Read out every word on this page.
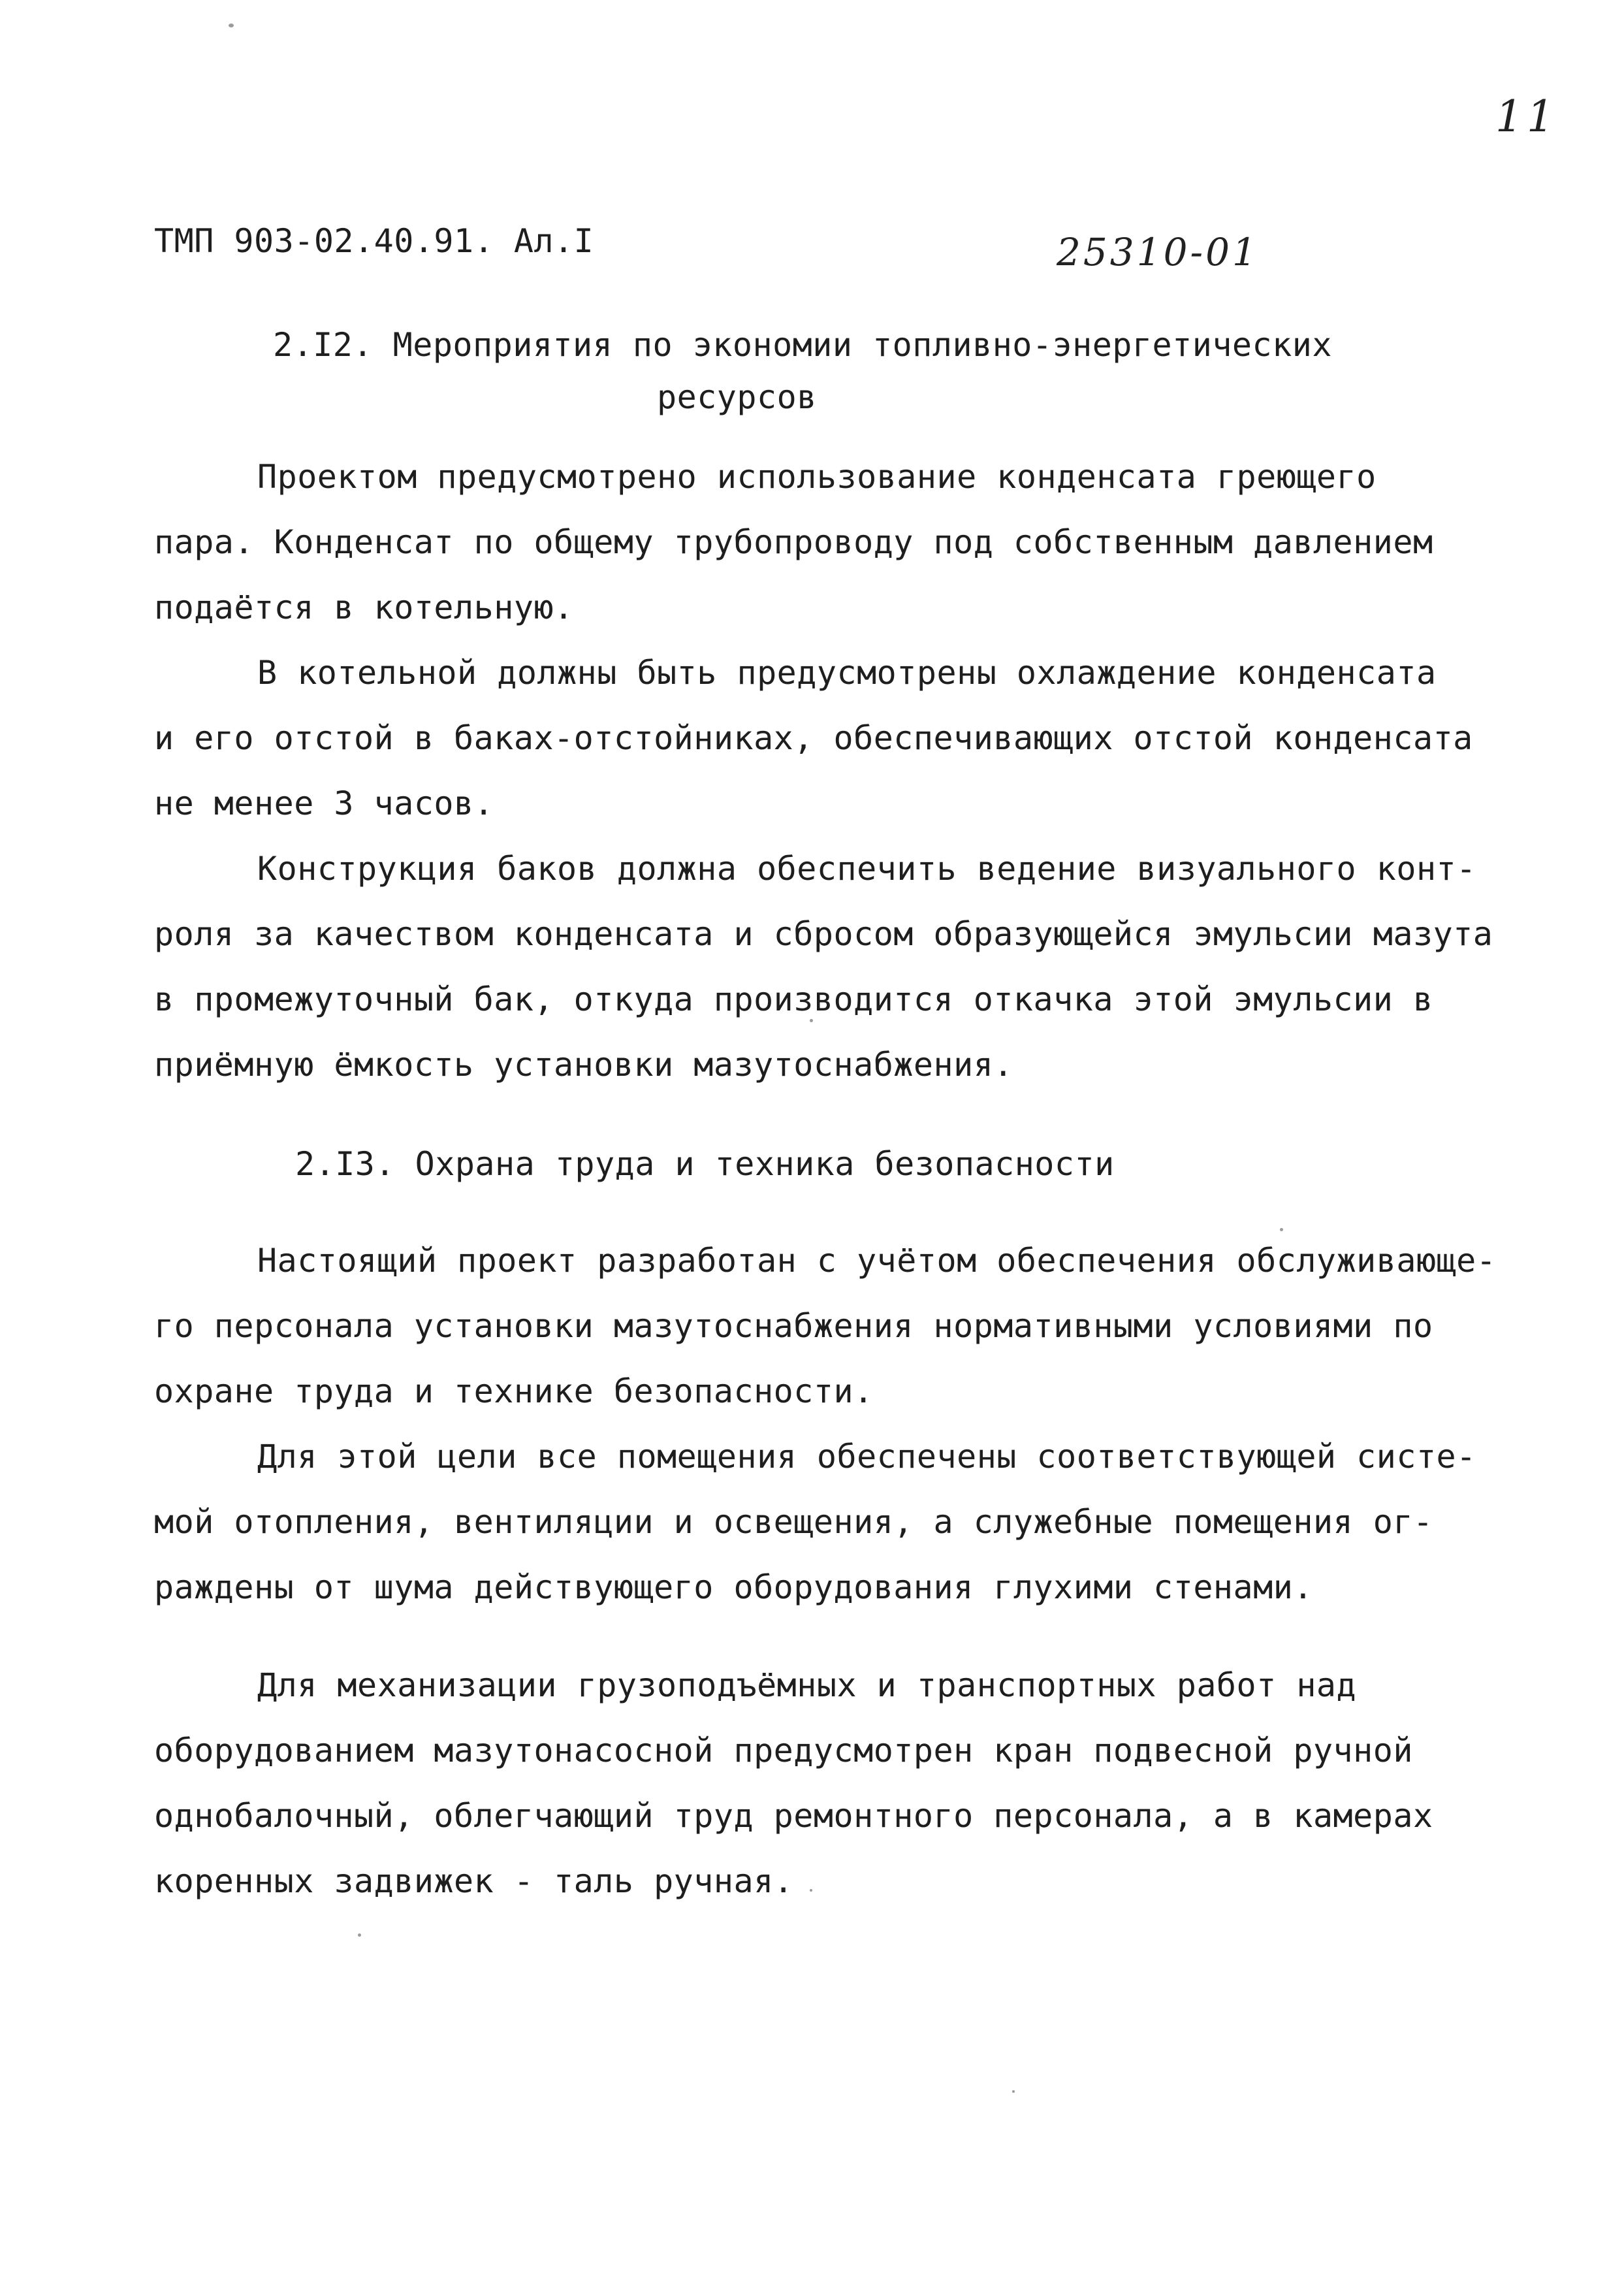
11
ТМП 903-02.40.91. Ал.I	25310-01
2.I2. Мероприятия по экономии топливно-энергетических
ресурсов
Проектом предусмотрено использование конденсата греющего
пара. Конденсат по общему трубопроводу под собственным давлением
подаётся в котельную.
В котельной должны быть предусмотрены охлаждение конденсата
и его отстой в баках-отстойниках, обеспечивающих отстой конденсата
не менее 3 часов.
Конструкция баков должна обеспечить ведение визуального конт-
роля за качеством конденсата и сбросом образующейся эмульсии мазута
в промежуточный бак, откуда производится откачка этой эмульсии в
приёмную ёмкость установки мазутоснабжения.
2.I3. Охрана труда и техника безопасности
Настоящий проект разработан с учётом обеспечения обслуживающе-
го персонала установки мазутоснабжения нормативными условиями по
охране труда и технике безопасности.
Для этой цели все помещения обеспечены соответствующей систе-
мой отопления, вентиляции и освещения, а служебные помещения ог-
раждены от шума действующего оборудования глухими стенами.
Для механизации грузоподъёмных и транспортных работ над
оборудованием мазутонасосной предусмотрен кран подвесной ручной
однобалочный, облегчающий труд ремонтного персонала, а в камерах
коренных задвижек - таль ручная.
